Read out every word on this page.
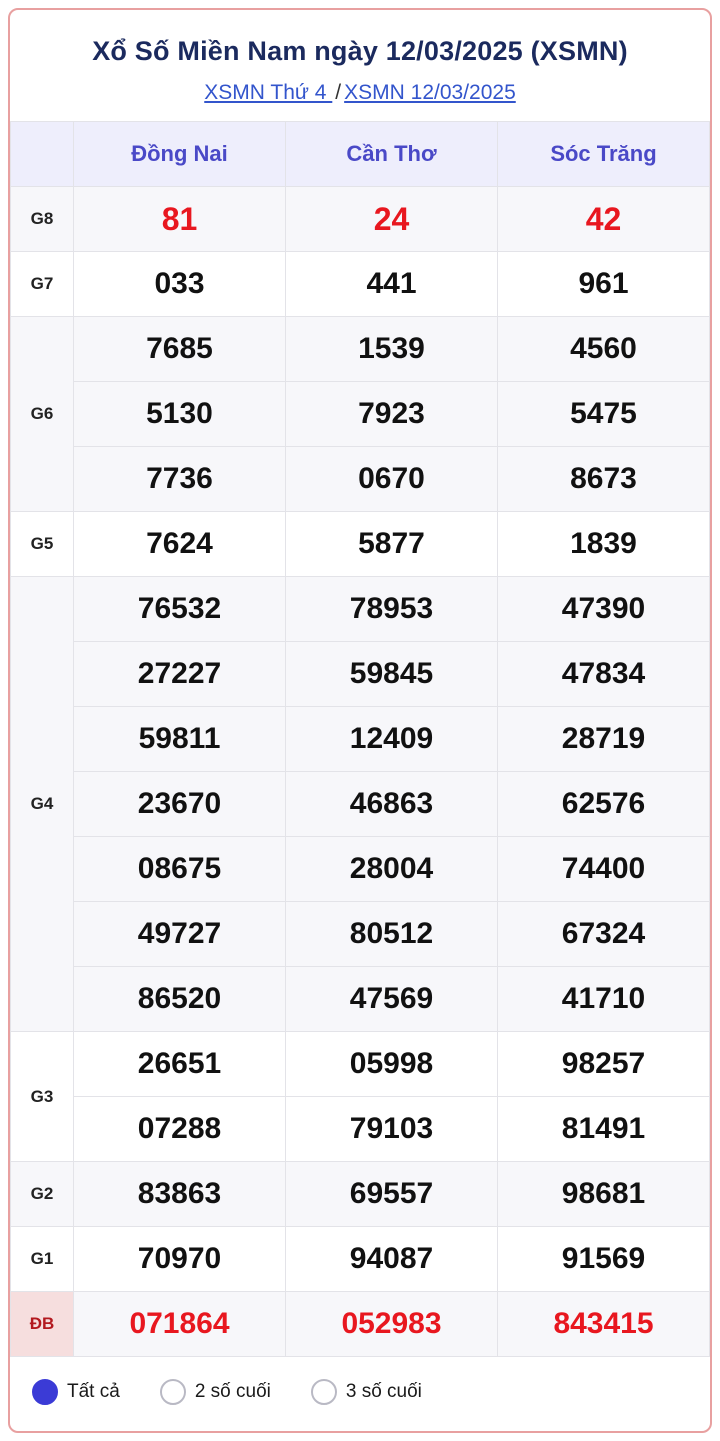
Xổ Số Miền Nam ngày 12/03/2025 (XSMN)
XSMN Thứ 4 / XSMN 12/03/2025
	Đồng Nai	Cần Thơ	Sóc Trăng
G8	81	24	42
G7	033	441	961
G6	7685	1539	4560
	5130	7923	5475
	7736	0670	8673
G5	7624	5877	1839
G4	76532	78953	47390
	27227	59845	47834
	59811	12409	28719
	23670	46863	62576
	08675	28004	74400
	49727	80512	67324
	86520	47569	41710
G3	26651	05998	98257
	07288	79103	81491
G2	83863	69557	98681
G1	70970	94087	91569
ĐB	071864	052983	843415
Tất cả	2 số cuối	3 số cuối
